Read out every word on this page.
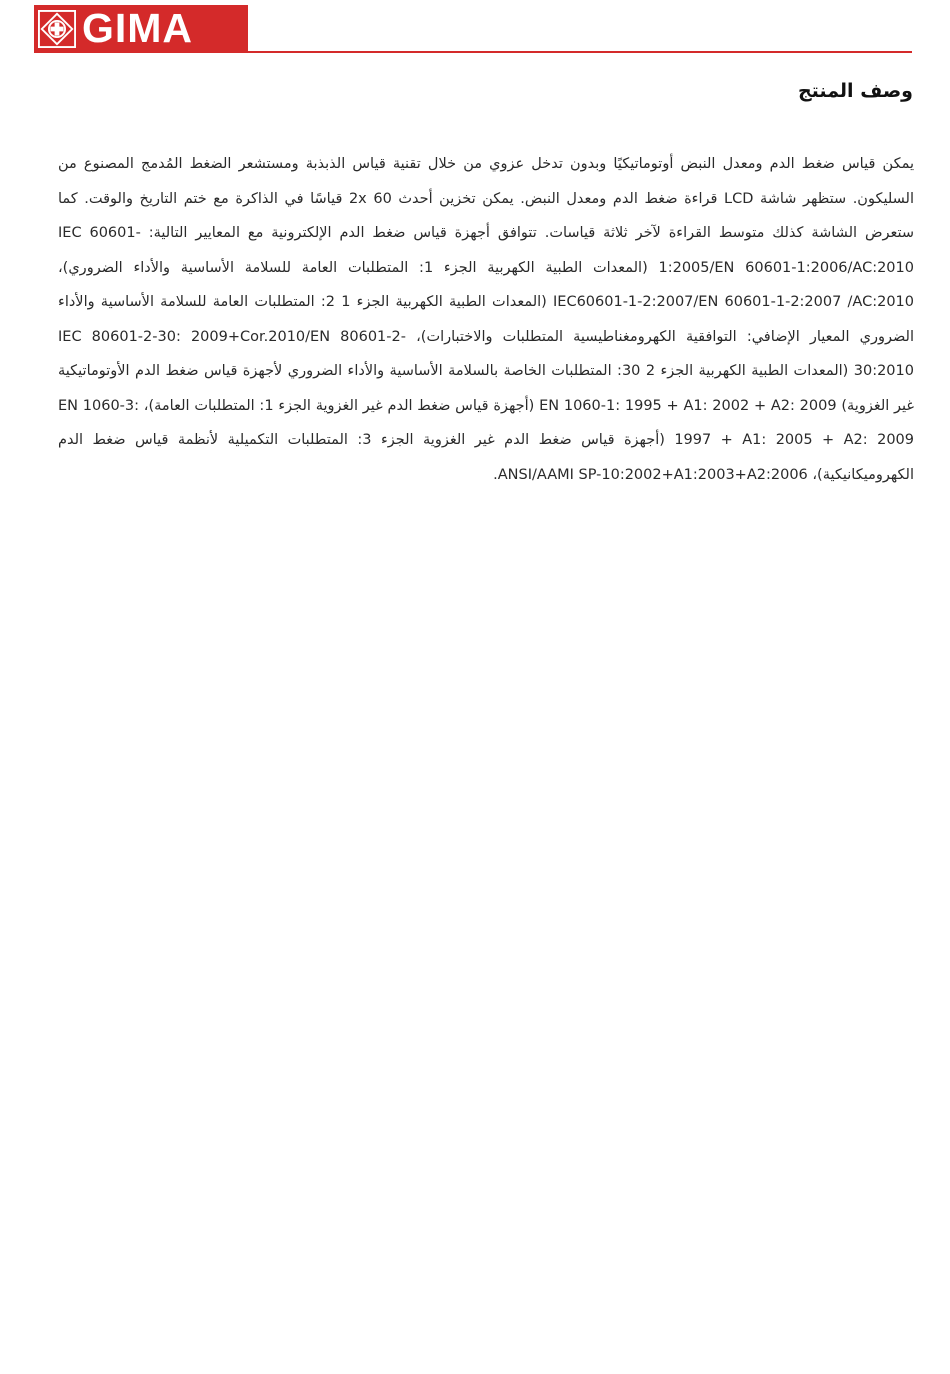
GIMA
وصف المنتج

يمكن قياس ضغط الدم ومعدل النبض أوتوماتيكيًا وبدون تدخل عزوي من خلال تقنية قياس الذبذبة ومستشعر الضغط المُدمج المصنوع من السليكون. ستظهر شاشة LCD قراءة ضغط الدم ومعدل النبض. يمكن تخزين أحدث 60 2x قياسًا في الذاكرة مع ختم التاريخ والوقت. كما ستعرض الشاشة كذلك متوسط القراءة لآخر ثلاثة قياسات. تتوافق أجهزة قياس ضغط الدم الإلكترونية مع المعايير التالية: IEC 60601-1:2005/EN 60601-1:2006/AC:2010 (المعدات الطبية الكهربية الجزء 1: المتطلبات العامة للسلامة الأساسية والأداء الضروري)، IEC60601-1-2:2007/EN 60601-1-2:2007 /AC:2010 (المعدات الطبية الكهربية الجزء 1 2: المتطلبات العامة للسلامة الأساسية والأداء الضروري المعيار الإضافي: التوافقية الكهرومغناطيسية المتطلبات والاختبارات)، IEC 80601-2-30: 2009+Cor.2010/EN 80601-2-30:2010 (المعدات الطبية الكهربية الجزء 2 30: المتطلبات الخاصة بالسلامة الأساسية والأداء الضروري لأجهزة قياس ضغط الدم الأوتوماتيكية غير الغزوية) EN 1060-1: 1995 + A1: 2002 + A2: 2009 (أجهزة قياس ضغط الدم غير الغزوية الجزء 1: المتطلبات العامة)، EN 1060-3: 1997 + A1: 2005 + A2: 2009 (أجهزة قياس ضغط الدم غير الغزوية الجزء 3: المتطلبات التكميلية لأنظمة قياس ضغط الدم الكهروميكانيكية)، ANSI/AAMI SP-10:2002+A1:2003+A2:2006.
